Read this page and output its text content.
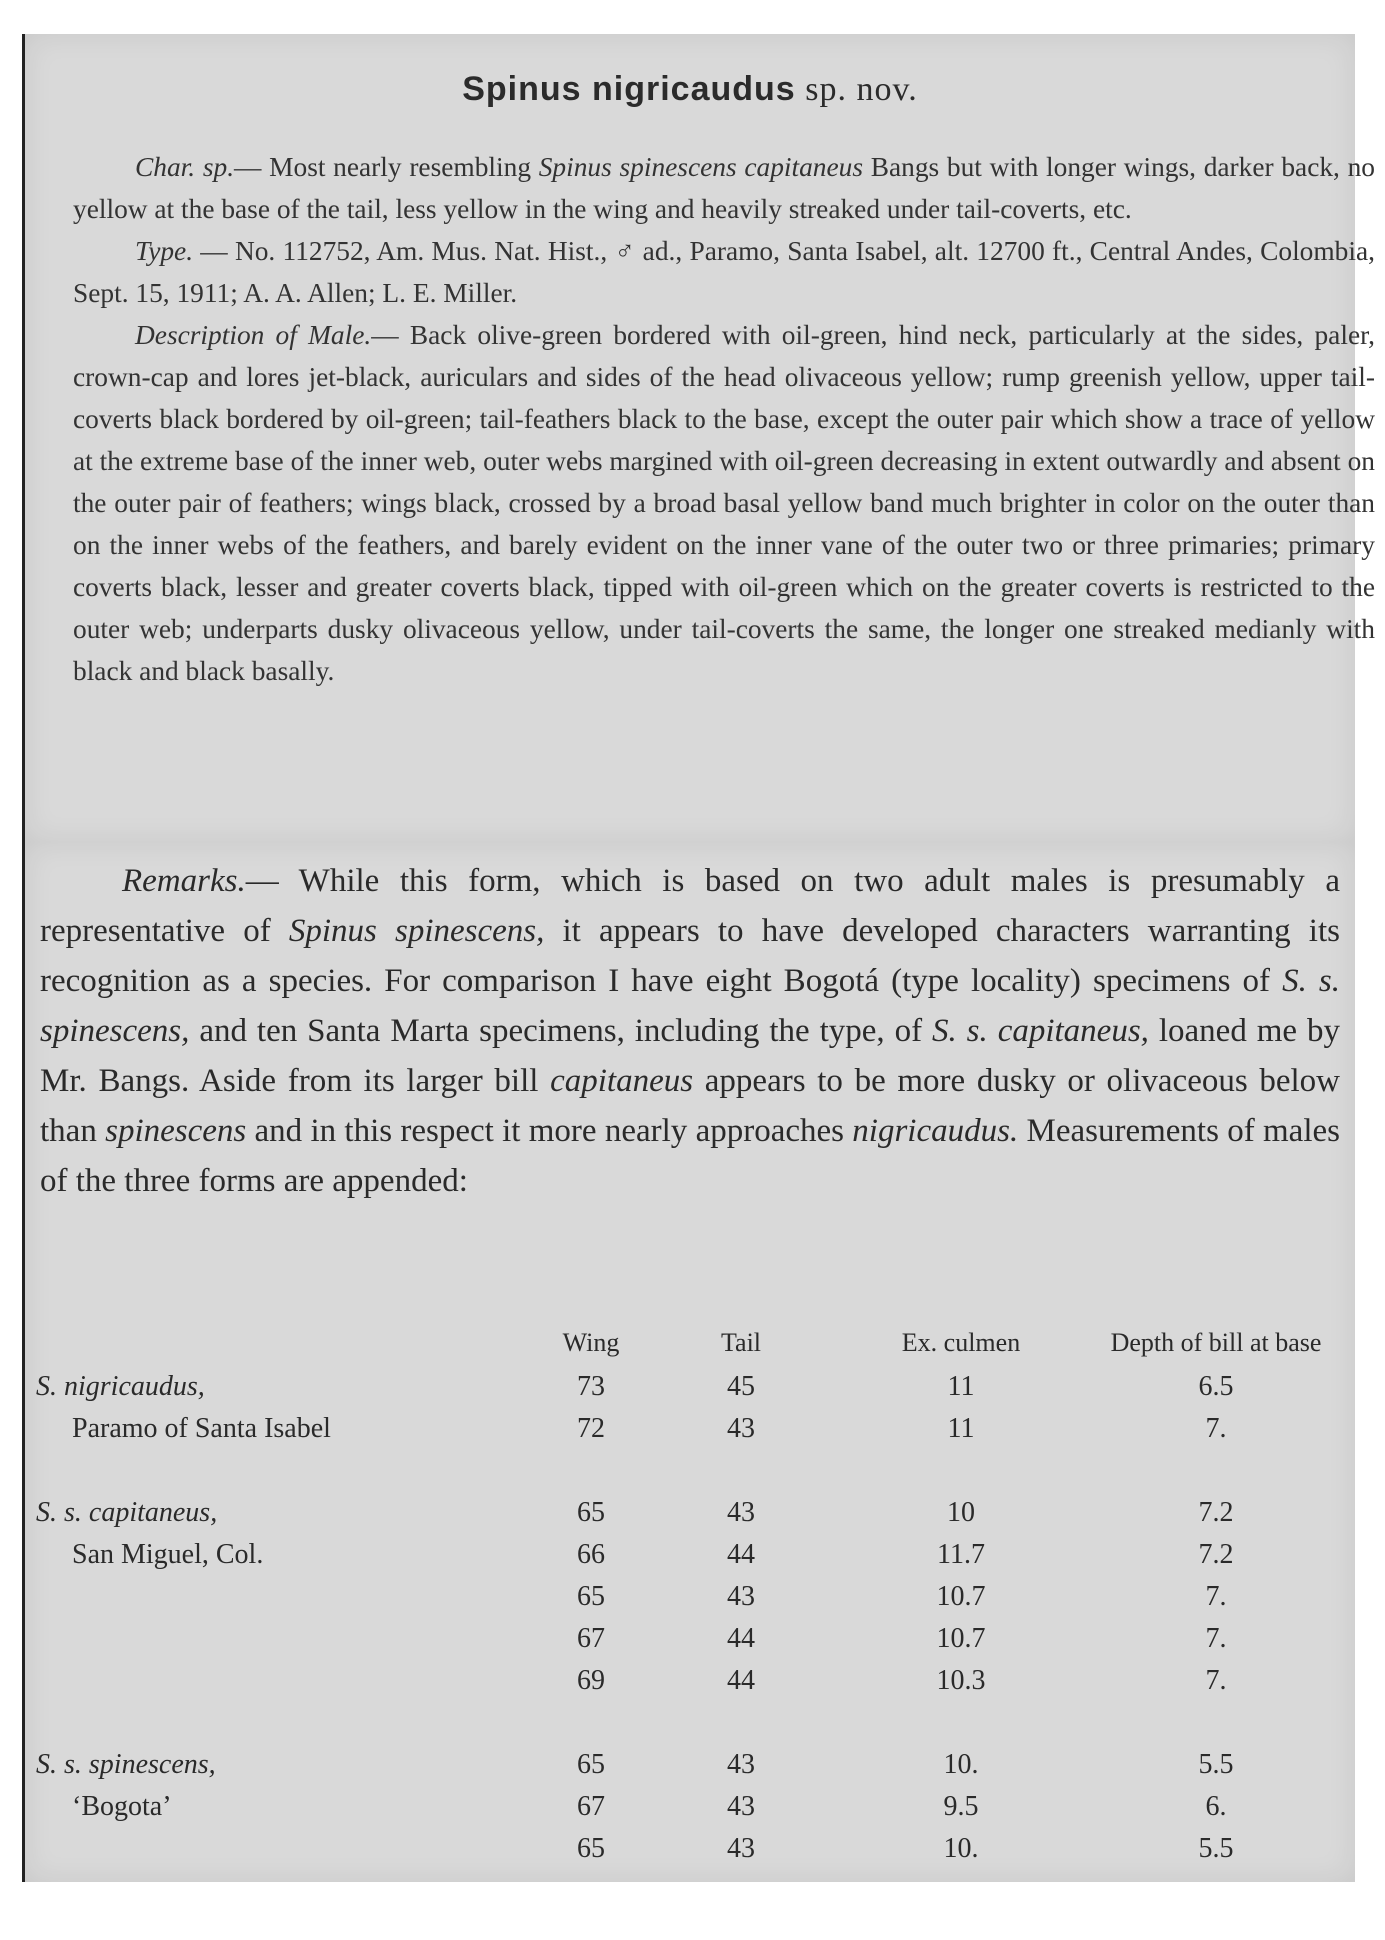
Spinus nigricaudus sp. nov.

Char. sp.— Most nearly resembling Spinus spinescens capitaneus Bangs but with longer wings, darker back, no yellow at the base of the tail, less yellow in the wing and heavily streaked under tail-coverts, etc.

Type. — No. 112752, Am. Mus. Nat. Hist., ♂ ad., Paramo, Santa Isabel, alt. 12700 ft., Central Andes, Colombia, Sept. 15, 1911; A. A. Allen; L. E. Miller.

Description of Male.— Back olive-green bordered with oil-green, hind neck, particularly at the sides, paler, crown-cap and lores jet-black, auriculars and sides of the head olivaceous yellow; rump greenish yellow, upper tail-coverts black bordered by oil-green; tail-feathers black to the base, except the outer pair which show a trace of yellow at the extreme base of the inner web, outer webs margined with oil-green decreasing in extent outwardly and absent on the outer pair of feathers; wings black, crossed by a broad basal yellow band much brighter in color on the outer than on the inner webs of the feathers, and barely evident on the inner vane of the outer two or three primaries; primary coverts black, lesser and greater coverts black, tipped with oil-green which on the greater coverts is restricted to the outer web; underparts dusky olivaceous yellow, under tail-coverts the same, the longer one streaked medianly with black and black basally.

Remarks.— While this form, which is based on two adult males is presumably a representative of Spinus spinescens, it appears to have developed characters warranting its recognition as a species. For comparison I have eight Bogotá (type locality) specimens of S. s. spinescens, and ten Santa Marta specimens, including the type, of S. s. capitaneus, loaned me by Mr. Bangs. Aside from its larger bill capitaneus appears to be more dusky or olivaceous below than spinescens and in this respect it more nearly approaches nigricaudus. Measurements of males of the three forms are appended:

	Wing	Tail	Ex. culmen	Depth of bill at base
S. nigricaudus,	73	45	11	6.5
Paramo of Santa Isabel	72	43	11	7.

S. s. capitaneus,	65	43	10	7.2
San Miguel, Col.	66	44	11.7	7.2
	65	43	10.7	7.
	67	44	10.7	7.
	69	44	10.3	7.

S. s. spinescens,	65	43	10.	5.5
‘Bogota’	67	43	9.5	6.
	65	43	10.	5.5
